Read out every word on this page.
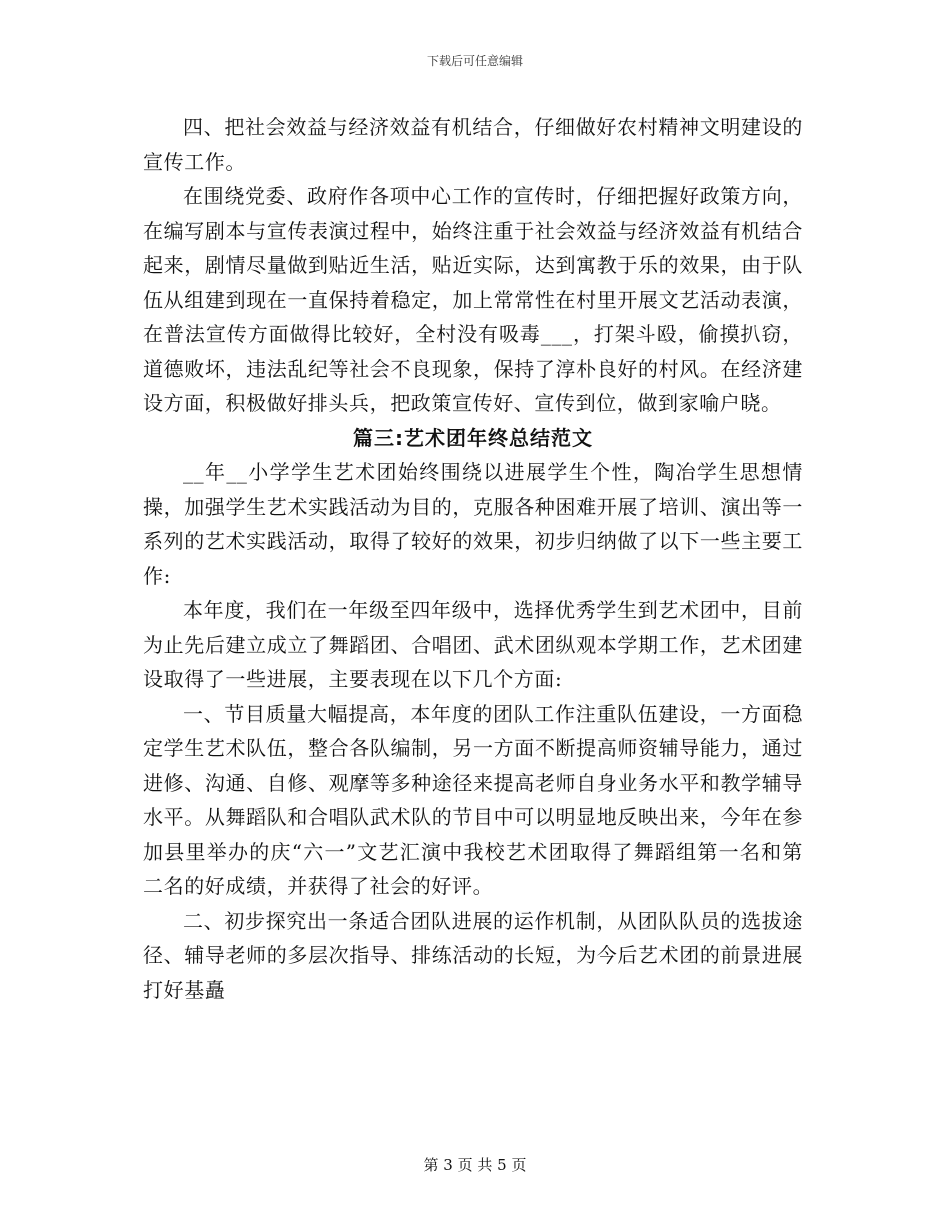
下载后可任意编辑

四、把社会效益与经济效益有机结合，仔细做好农村精神文明建设的宣传工作。

在围绕党委、政府作各项中心工作的宣传时，仔细把握好政策方向，在编写剧本与宣传表演过程中，始终注重于社会效益与经济效益有机结合起来，剧情尽量做到贴近生活，贴近实际，达到寓教于乐的效果，由于队伍从组建到现在一直保持着稳定，加上常常性在村里开展文艺活动表演，在普法宣传方面做得比较好，全村没有吸毒___，打架斗殴，偷摸扒窃，道德败坏，违法乱纪等社会不良现象，保持了淳朴良好的村风。在经济建设方面，积极做好排头兵，把政策宣传好、宣传到位，做到家喻户晓。

篇三:艺术团年终总结范文

__年__小学学生艺术团始终围绕以进展学生个性，陶冶学生思想情操，加强学生艺术实践活动为目的，克服各种困难开展了培训、演出等一系列的艺术实践活动，取得了较好的效果，初步归纳做了以下一些主要工作:

本年度，我们在一年级至四年级中，选择优秀学生到艺术团中，目前为止先后建立成立了舞蹈团、合唱团、武术团纵观本学期工作，艺术团建设取得了一些进展，主要表现在以下几个方面:

一、节目质量大幅提高，本年度的团队工作注重队伍建设，一方面稳定学生艺术队伍，整合各队编制，另一方面不断提高师资辅导能力，通过进修、沟通、自修、观摩等多种途径来提高老师自身业务水平和教学辅导水平。从舞蹈队和合唱队武术队的节目中可以明显地反映出来，今年在参加县里举办的庆“六一”文艺汇演中我校艺术团取得了舞蹈组第一名和第二名的好成绩，并获得了社会的好评。

二、初步探究出一条适合团队进展的运作机制，从团队队员的选拔途径、辅导老师的多层次指导、排练活动的长短，为今后艺术团的前景进展打好基矗

第 3 页 共 5 页
